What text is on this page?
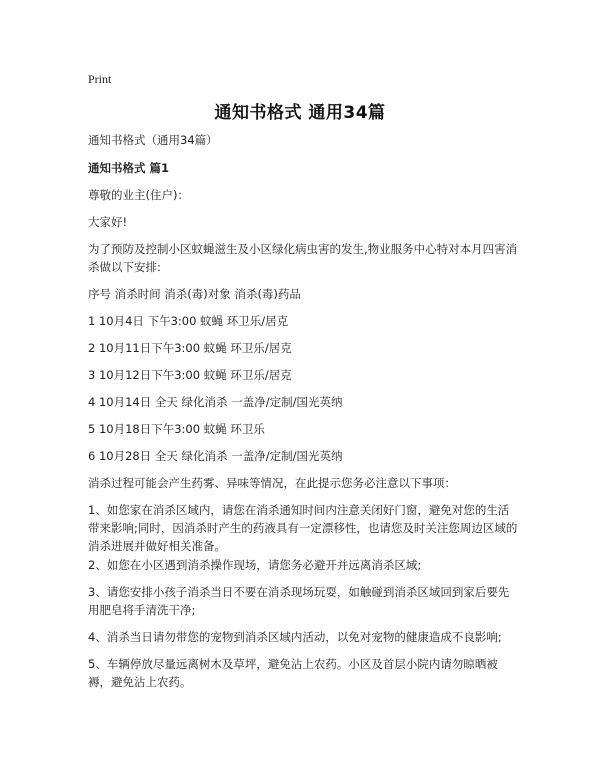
Print
通知书格式 通用34篇
通知书格式（通用34篇）
通知书格式 篇1
尊敬的业主(住户)：
大家好!
为了预防及控制小区蚊蝇滋生及小区绿化病虫害的发生,物业服务中心特对本月四害消杀做以下安排:
序号 消杀时间 消杀(毒)对象 消杀(毒)药品
1 10月4日 下午3:00 蚊蝇 环卫乐/居克
2 10月11日下午3:00 蚊蝇 环卫乐/居克
3 10月12日下午3:00 蚊蝇 环卫乐/居克
4 10月14日 全天 绿化消杀 一盖净/定制/国光英纳
5 10月18日下午3:00 蚊蝇 环卫乐
6 10月28日 全天 绿化消杀 一盖净/定制/国光英纳
消杀过程可能会产生药雾、异味等情况，在此提示您务必注意以下事项：
1、如您家在消杀区域内，请您在消杀通知时间内注意关闭好门窗，避免对您的生活带来影响;同时，因消杀时产生的药液具有一定漂移性，也请您及时关注您周边区域的消杀进展并做好相关准备。
2、如您在小区遇到消杀操作现场，请您务必避开并远离消杀区域;
3、请您安排小孩子消杀当日不要在消杀现场玩耍，如触碰到消杀区域回到家后要先用肥皂将手清洗干净;
4、消杀当日请勿带您的宠物到消杀区域内活动，以免对宠物的健康造成不良影响;
5、车辆停放尽量远离树木及草坪，避免沾上农药。小区及首层小院内请勿晾晒被褥，避免沾上农药。
